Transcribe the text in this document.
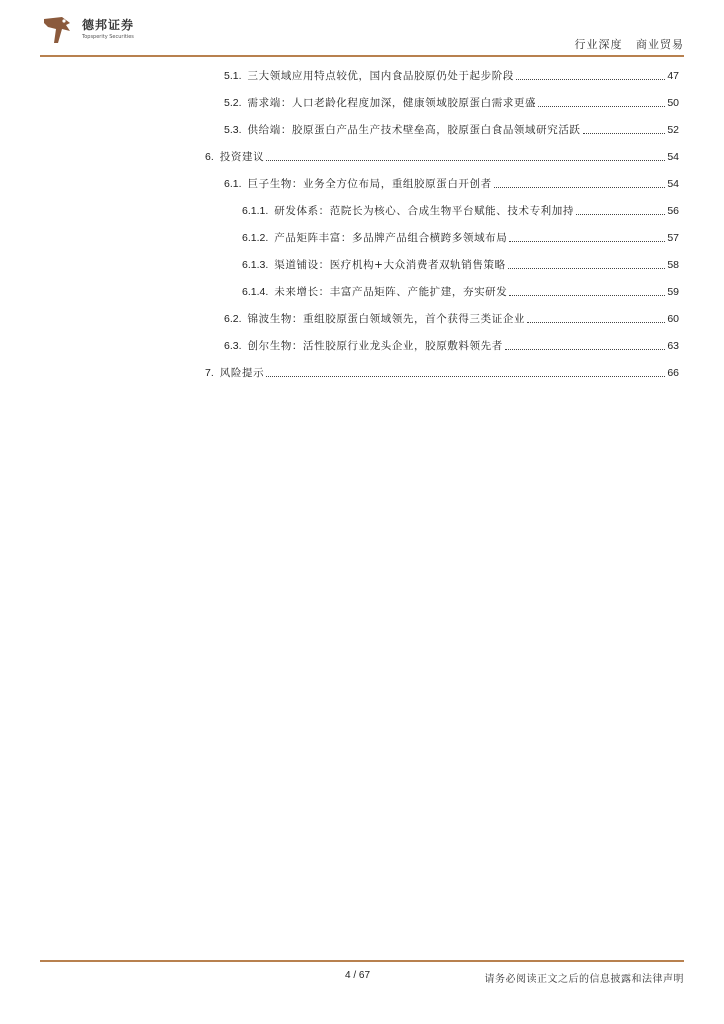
德邦证券
Topsperity Securities
行业深度 商业贸易
5.1. 三大领域应用特点较优，国内食品胶原仍处于起步阶段	47
5.2. 需求端：人口老龄化程度加深，健康领域胶原蛋白需求更盛	50
5.3. 供给端：胶原蛋白产品生产技术壁垒高，胶原蛋白食品领域研究活跃	52
6. 投资建议	54
6.1. 巨子生物：业务全方位布局，重组胶原蛋白开创者	54
6.1.1. 研发体系：范院长为核心、合成生物平台赋能、技术专利加持	56
6.1.2. 产品矩阵丰富：多品牌产品组合横跨多领域布局	57
6.1.3. 渠道铺设：医疗机构+大众消费者双轨销售策略	58
6.1.4. 未来增长：丰富产品矩阵、产能扩建，夯实研发	59
6.2. 锦波生物：重组胶原蛋白领域领先，首个获得三类证企业	60
6.3. 创尔生物：活性胶原行业龙头企业，胶原敷料领先者	63
7. 风险提示	66
4 / 67	请务必阅读正文之后的信息披露和法律声明
